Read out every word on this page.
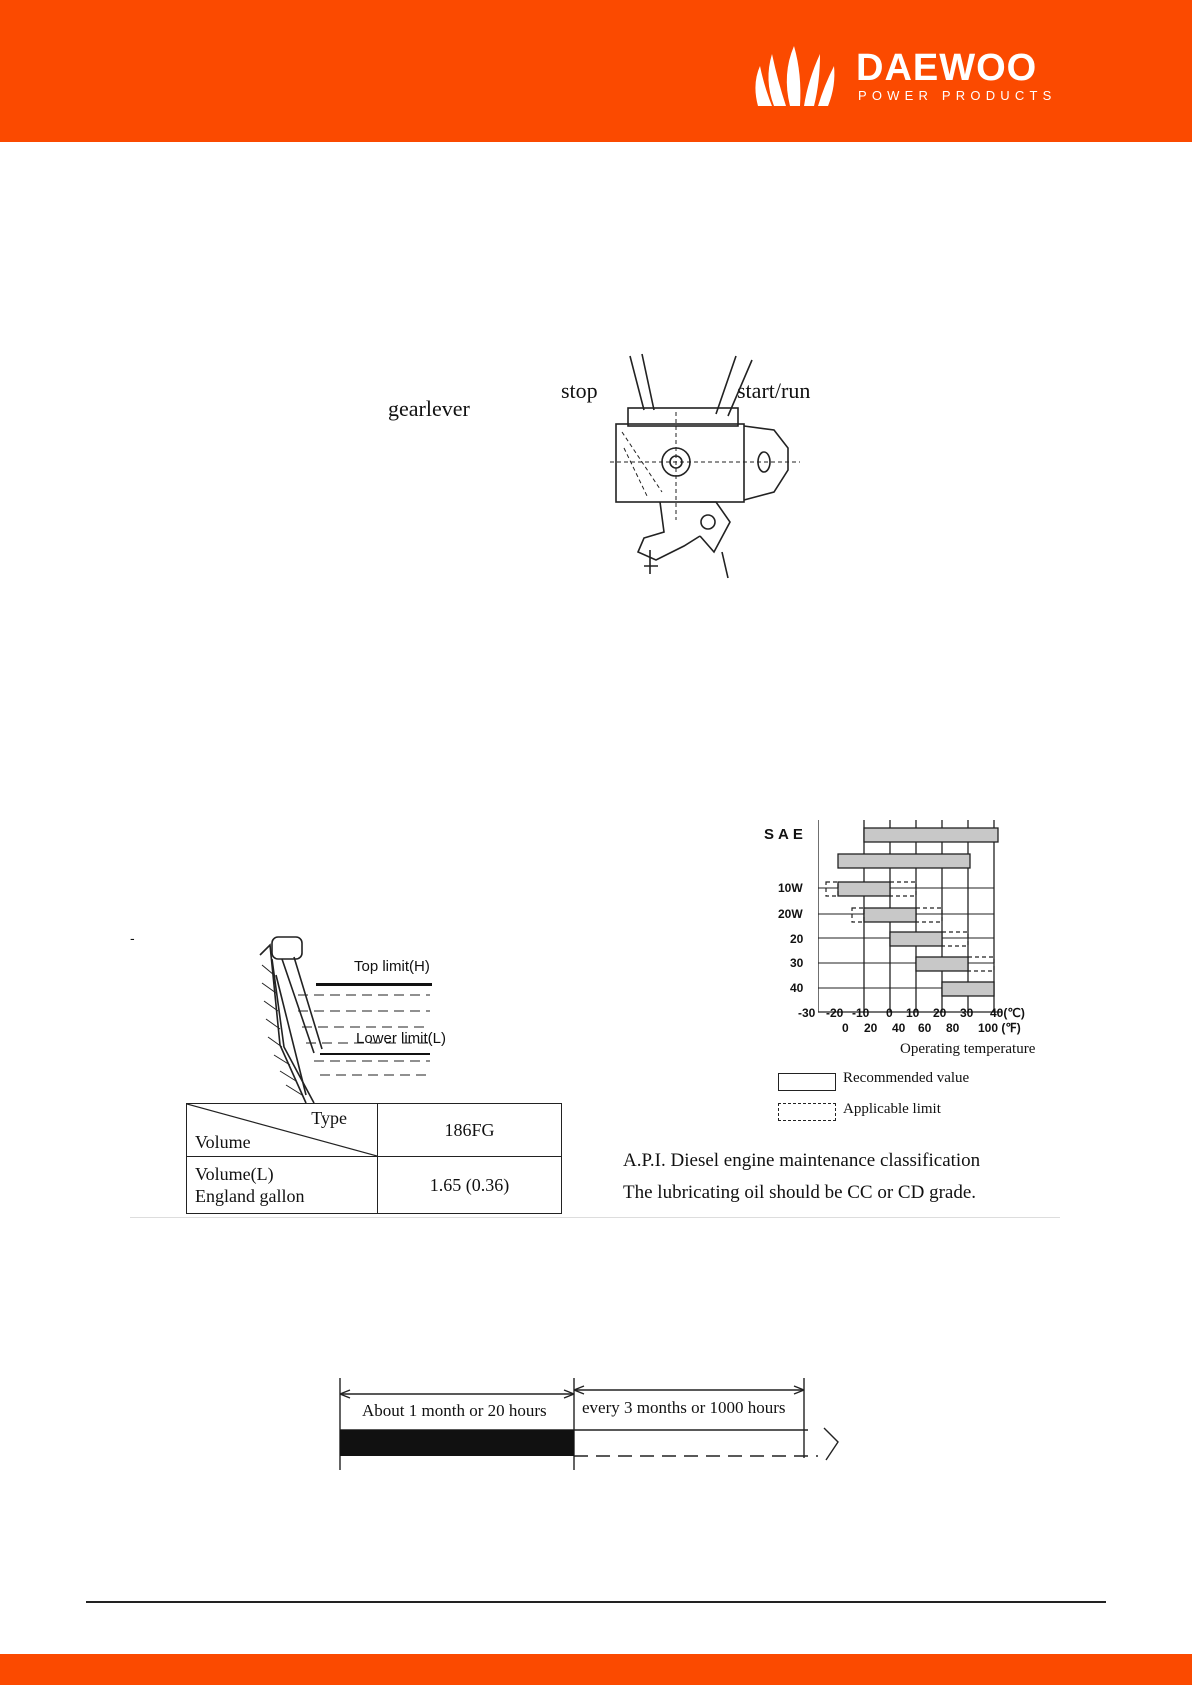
DAEWOO
POWER PRODUCTS
gearlever
stop	start/run
-
Top limit(H)
Lower limit(L)
Type
Volume	186FG

Volume(L)
England gallon	1.65 (0.36)
SAE
10W
20W
20
30
40
-30 -20 -10 0 10 20 30 40(℃)
0 20 40 60 80 100 (℉)
Operating temperature
Recommended value
Applicable limit
A.P.I. Diesel engine maintenance classification
The lubricating oil should be CC or CD grade.
About 1 month or 20 hours every 3 months or 1000 hours
